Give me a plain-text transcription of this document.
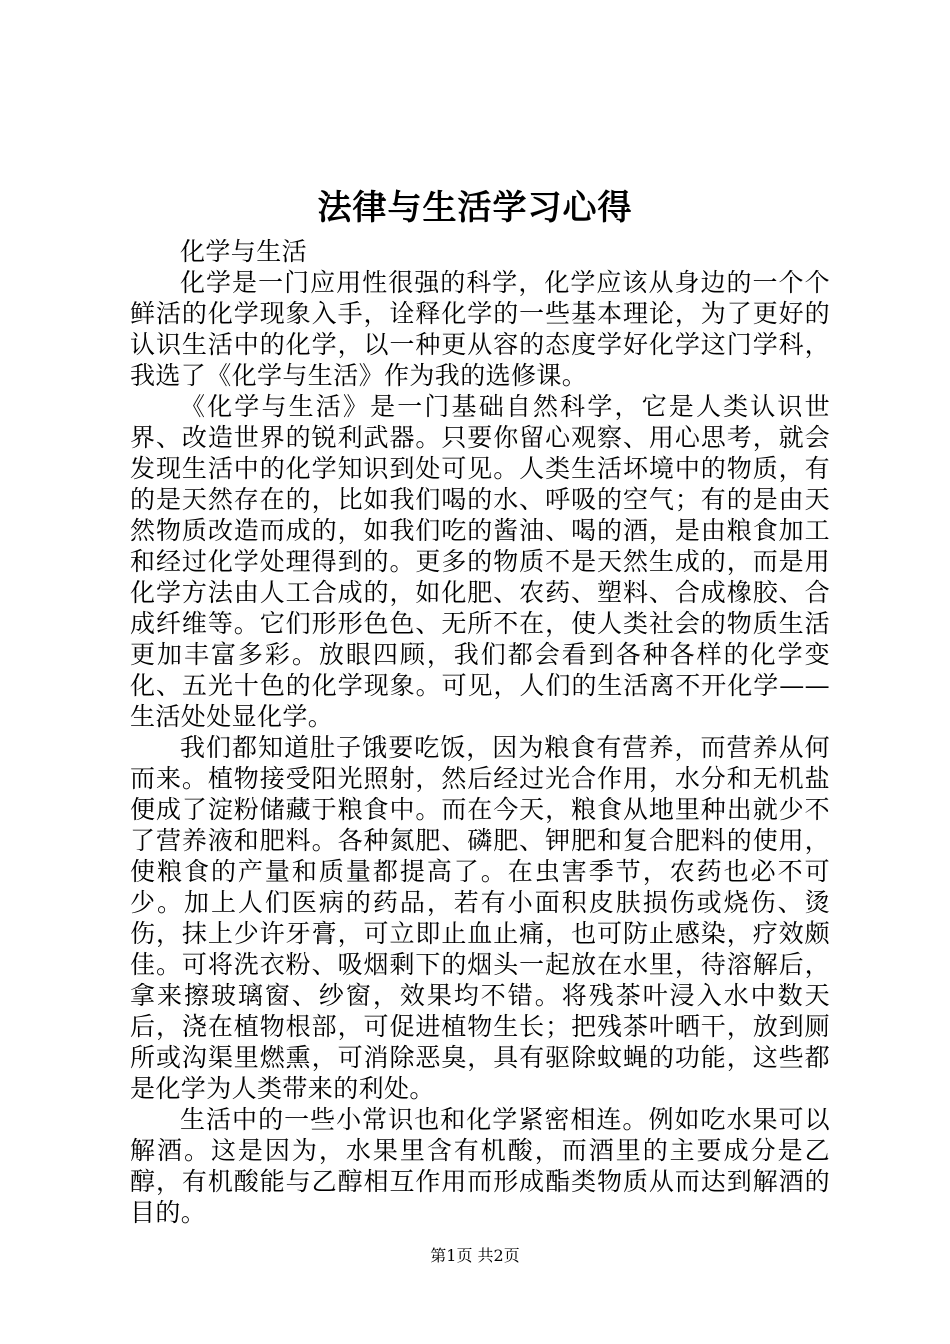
法律与生活学习心得

化学与生活

化学是一门应用性很强的科学，化学应该从身边的一个个鲜活的化学现象入手，诠释化学的一些基本理论，为了更好的认识生活中的化学，以一种更从容的态度学好化学这门学科，我选了《化学与生活》作为我的选修课。

《化学与生活》是一门基础自然科学，它是人类认识世界、改造世界的锐利武器。只要你留心观察、用心思考，就会发现生活中的化学知识到处可见。人类生活坏境中的物质，有的是天然存在的，比如我们喝的水、呼吸的空气；有的是由天然物质改造而成的，如我们吃的酱油、喝的酒，是由粮食加工和经过化学处理得到的。更多的物质不是天然生成的，而是用化学方法由人工合成的，如化肥、农药、塑料、合成橡胶、合成纤维等。它们形形色色、无所不在，使人类社会的物质生活更加丰富多彩。放眼四顾，我们都会看到各种各样的化学变化、五光十色的化学现象。可见，人们的生活离不开化学——生活处处显化学。

我们都知道肚子饿要吃饭，因为粮食有营养，而营养从何而来。植物接受阳光照射，然后经过光合作用，水分和无机盐便成了淀粉储藏于粮食中。而在今天，粮食从地里种出就少不了营养液和肥料。各种氮肥、磷肥、钾肥和复合肥料的使用，使粮食的产量和质量都提高了。在虫害季节，农药也必不可少。加上人们医病的药品，若有小面积皮肤损伤或烧伤、烫伤，抹上少许牙膏，可立即止血止痛，也可防止感染，疗效颇佳。可将洗衣粉、吸烟剩下的烟头一起放在水里，待溶解后，拿来擦玻璃窗、纱窗，效果均不错。将残茶叶浸入水中数天后，浇在植物根部，可促进植物生长；把残茶叶晒干，放到厕所或沟渠里燃熏，可消除恶臭，具有驱除蚊蝇的功能，这些都是化学为人类带来的利处。

生活中的一些小常识也和化学紧密相连。例如吃水果可以解酒。这是因为，水果里含有机酸，而酒里的主要成分是乙醇，有机酸能与乙醇相互作用而形成酯类物质从而达到解酒的目的。

第1页 共2页
